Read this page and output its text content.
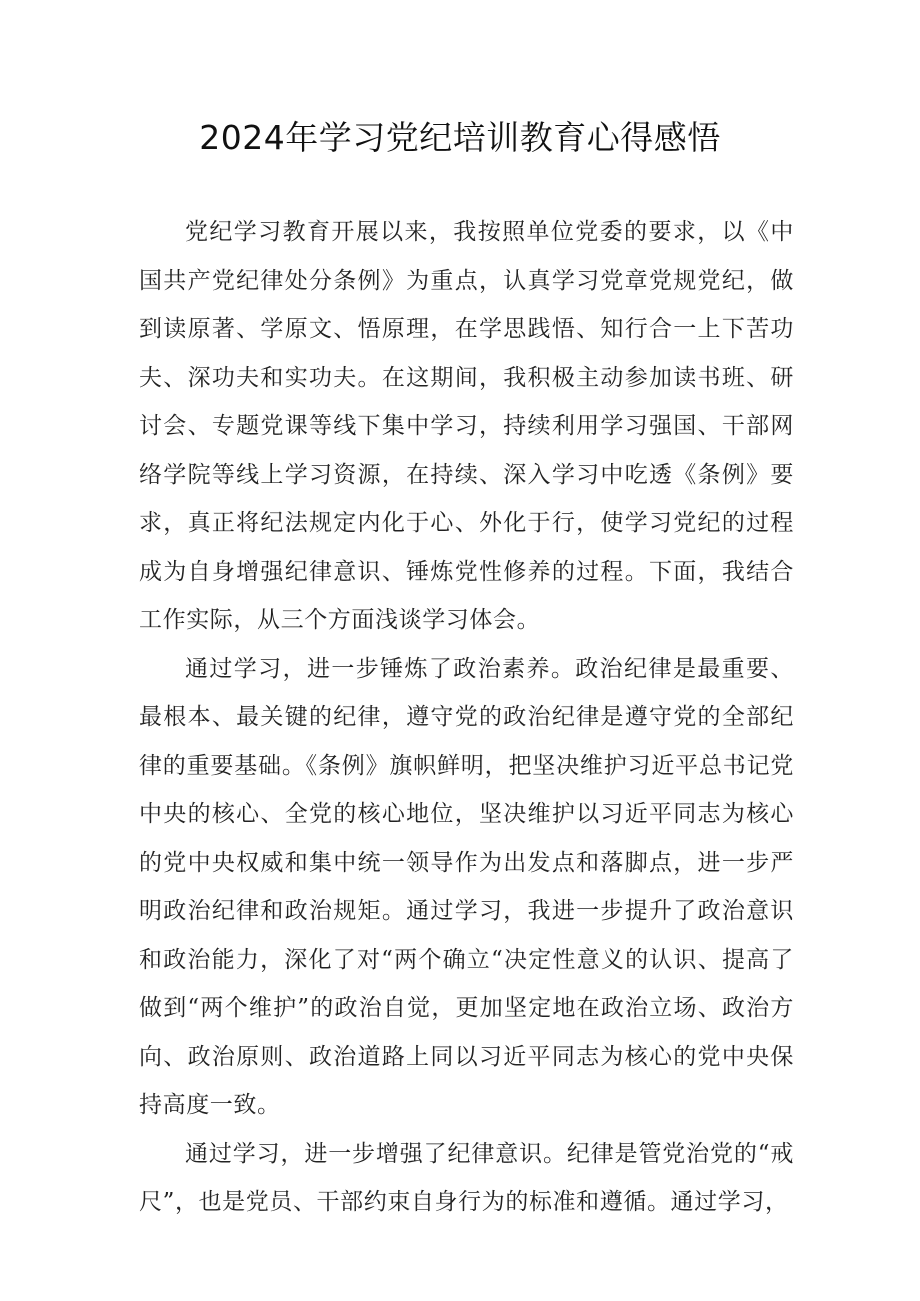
2024年学习党纪培训教育心得感悟

党纪学习教育开展以来，我按照单位党委的要求，以《中国共产党纪律处分条例》为重点，认真学习党章党规党纪，做到读原著、学原文、悟原理，在学思践悟、知行合一上下苦功夫、深功夫和实功夫。在这期间，我积极主动参加读书班、研讨会、专题党课等线下集中学习，持续利用学习强国、干部网络学院等线上学习资源，在持续、深入学习中吃透《条例》要求，真正将纪法规定内化于心、外化于行，使学习党纪的过程成为自身增强纪律意识、锤炼党性修养的过程。下面，我结合工作实际，从三个方面浅谈学习体会。

通过学习，进一步锤炼了政治素养。政治纪律是最重要、最根本、最关键的纪律，遵守党的政治纪律是遵守党的全部纪律的重要基础。《条例》旗帜鲜明，把坚决维护习近平总书记党中央的核心、全党的核心地位，坚决维护以习近平同志为核心的党中央权威和集中统一领导作为出发点和落脚点，进一步严明政治纪律和政治规矩。通过学习，我进一步提升了政治意识和政治能力，深化了对“两个确立“决定性意义的认识、提高了做到“两个维护”的政治自觉，更加坚定地在政治立场、政治方向、政治原则、政治道路上同以习近平同志为核心的党中央保持高度一致。

通过学习，进一步增强了纪律意识。纪律是管党治党的“戒尺”，也是党员、干部约束自身行为的标准和遵循。通过学习，
